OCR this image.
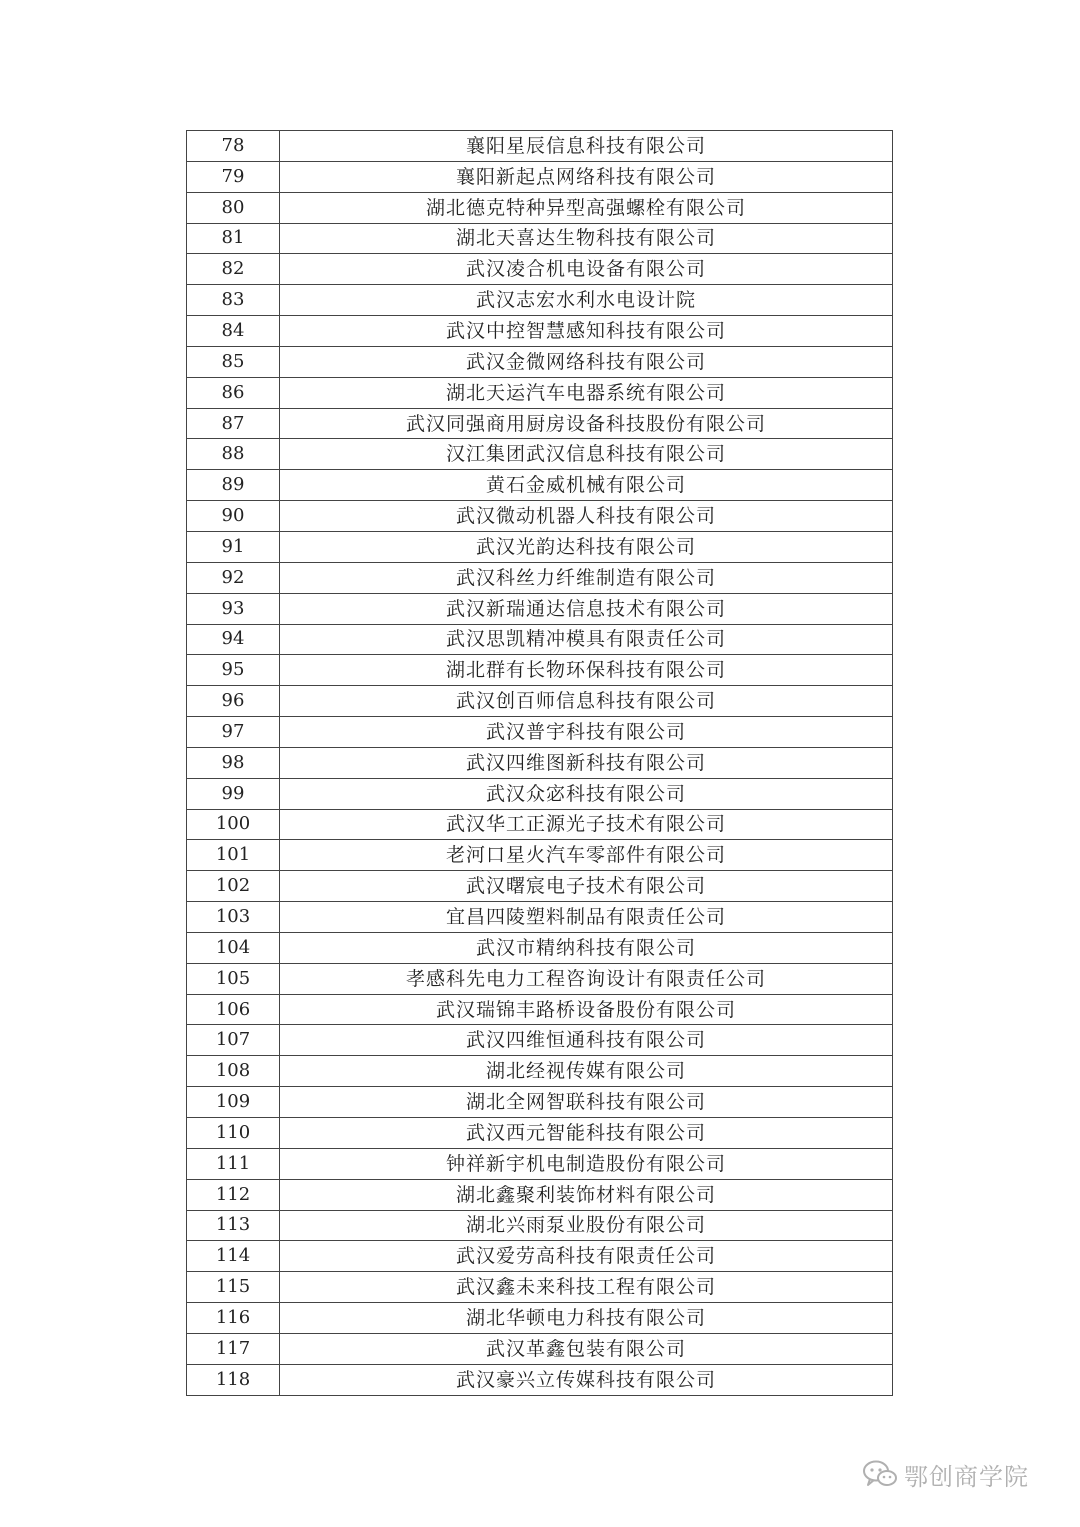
78	襄阳星辰信息科技有限公司
79	襄阳新起点网络科技有限公司
80	湖北德克特种异型高强螺栓有限公司
81	湖北天喜达生物科技有限公司
82	武汉凌合机电设备有限公司
83	武汉志宏水利水电设计院
84	武汉中控智慧感知科技有限公司
85	武汉金微网络科技有限公司
86	湖北天运汽车电器系统有限公司
87	武汉同强商用厨房设备科技股份有限公司
88	汉江集团武汉信息科技有限公司
89	黄石金威机械有限公司
90	武汉微动机器人科技有限公司
91	武汉光韵达科技有限公司
92	武汉科丝力纤维制造有限公司
93	武汉新瑞通达信息技术有限公司
94	武汉思凯精冲模具有限责任公司
95	湖北群有长物环保科技有限公司
96	武汉创百师信息科技有限公司
97	武汉普宇科技有限公司
98	武汉四维图新科技有限公司
99	武汉众宓科技有限公司
100	武汉华工正源光子技术有限公司
101	老河口星火汽车零部件有限公司
102	武汉曙宸电子技术有限公司
103	宜昌四陵塑料制品有限责任公司
104	武汉市精纳科技有限公司
105	孝感科先电力工程咨询设计有限责任公司
106	武汉瑞锦丰路桥设备股份有限公司
107	武汉四维恒通科技有限公司
108	湖北经视传媒有限公司
109	湖北全网智联科技有限公司
110	武汉西元智能科技有限公司
111	钟祥新宇机电制造股份有限公司
112	湖北鑫聚利装饰材料有限公司
113	湖北兴雨泵业股份有限公司
114	武汉爱劳高科技有限责任公司
115	武汉鑫未来科技工程有限公司
116	湖北华顿电力科技有限公司
117	武汉革鑫包装有限公司
118	武汉豪兴立传媒科技有限公司
鄂创商学院
